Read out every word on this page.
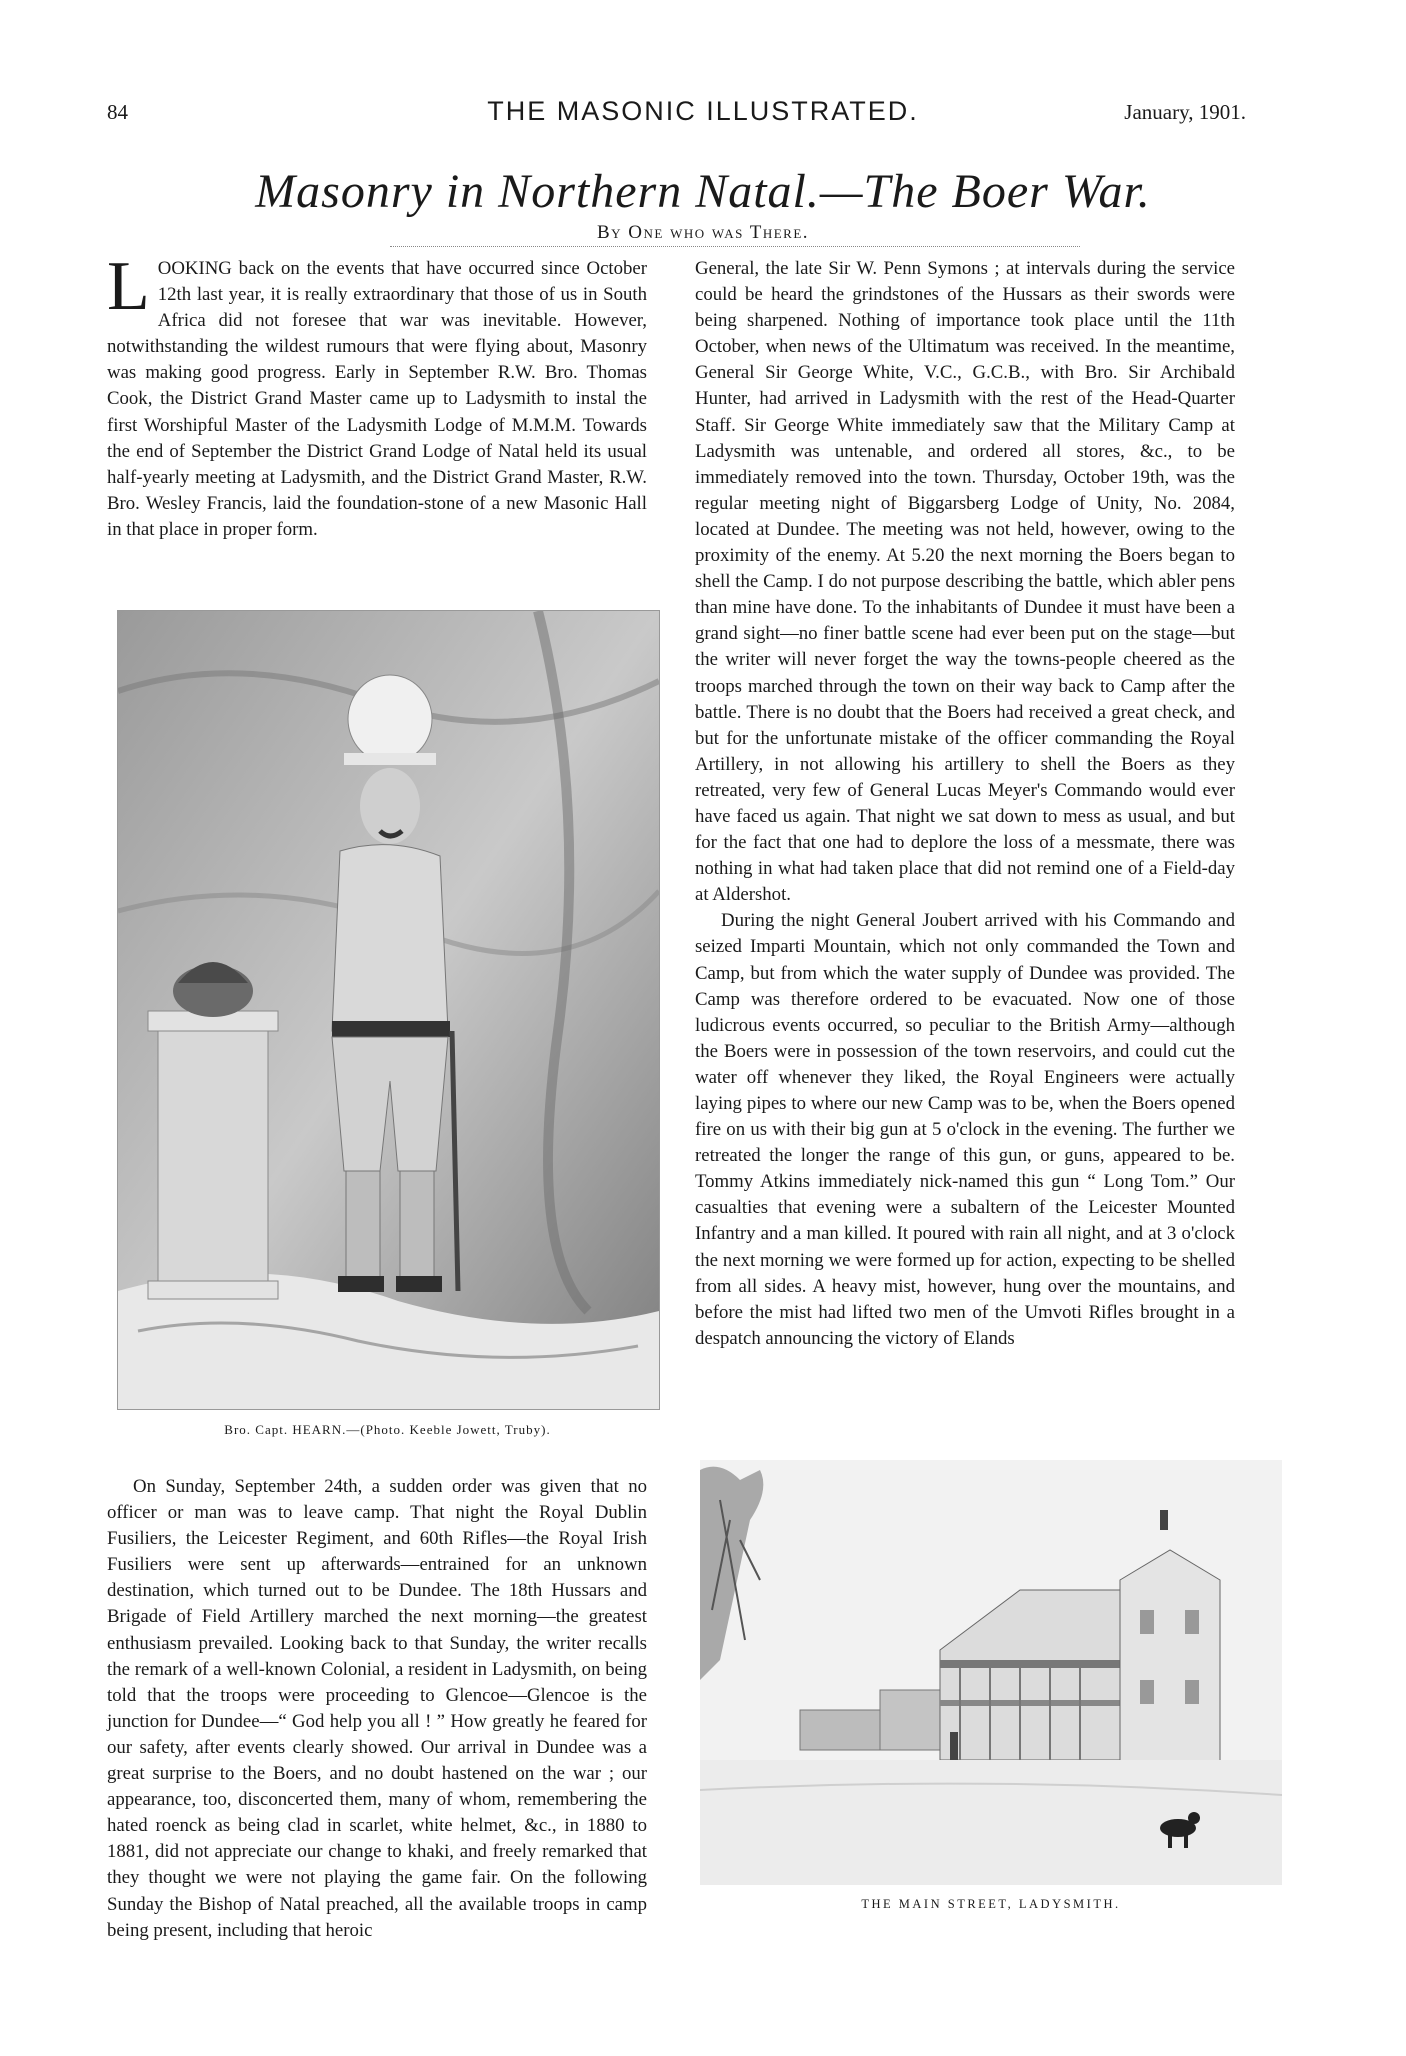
84	THE MASONIC ILLUSTRATED.	January, 1901.
Masonry in Northern Natal.—The Boer War.
By One who was There.
L OOKING back on the events that have occurred since October 12th last year, it is really extraordinary that those of us in South Africa did not foresee that war was inevitable. However, notwithstanding the wildest rumours that were flying about, Masonry was making good progress. Early in September R.W. Bro. Thomas Cook, the District Grand Master came up to Ladysmith to instal the first Worshipful Master of the Ladysmith Lodge of M.M.M. Towards the end of September the District Grand Lodge of Natal held its usual half-yearly meeting at Ladysmith, and the District Grand Master, R.W. Bro. Wesley Francis, laid the foundation-stone of a new Masonic Hall in that place in proper form.

Bro. Capt. HEARN.—(Photo. Keeble Jowett, Truby).

On Sunday, September 24th, a sudden order was given that no officer or man was to leave camp. That night the Royal Dublin Fusiliers, the Leicester Regiment, and 60th Rifles—the Royal Irish Fusiliers were sent up afterwards—entrained for an unknown destination, which turned out to be Dundee. The 18th Hussars and Brigade of Field Artillery marched the next morning—the greatest enthusiasm prevailed. Looking back to that Sunday, the writer recalls the remark of a well-known Colonial, a resident in Ladysmith, on being told that the troops were proceeding to Glencoe—Glencoe is the junction for Dundee—“ God help you all ! ” How greatly he feared for our safety, after events clearly showed. Our arrival in Dundee was a great surprise to the Boers, and no doubt hastened on the war ; our appearance, too, disconcerted them, many of whom, remembering the hated roenck as being clad in scarlet, white helmet, &c., in 1880 to 1881, did not appreciate our change to khaki, and freely remarked that they thought we were not playing the game fair. On the following Sunday the Bishop of Natal preached, all the available troops in camp being present, including that heroic

General, the late Sir W. Penn Symons ; at intervals during the service could be heard the grindstones of the Hussars as their swords were being sharpened. Nothing of importance took place until the 11th October, when news of the Ultimatum was received. In the meantime, General Sir George White, V.C., G.C.B., with Bro. Sir Archibald Hunter, had arrived in Ladysmith with the rest of the Head-Quarter Staff. Sir George White immediately saw that the Military Camp at Ladysmith was untenable, and ordered all stores, &c., to be immediately removed into the town. Thursday, October 19th, was the regular meeting night of Biggarsberg Lodge of Unity, No. 2084, located at Dundee. The meeting was not held, however, owing to the proximity of the enemy. At 5.20 the next morning the Boers began to shell the Camp. I do not purpose describing the battle, which abler pens than mine have done. To the inhabitants of Dundee it must have been a grand sight—no finer battle scene had ever been put on the stage—but the writer will never forget the way the towns-people cheered as the troops marched through the town on their way back to Camp after the battle. There is no doubt that the Boers had received a great check, and but for the unfortunate mistake of the officer commanding the Royal Artillery, in not allowing his artillery to shell the Boers as they retreated, very few of General Lucas Meyer's Commando would ever have faced us again. That night we sat down to mess as usual, and but for the fact that one had to deplore the loss of a messmate, there was nothing in what had taken place that did not remind one of a Field-day at Aldershot.

During the night General Joubert arrived with his Commando and seized Imparti Mountain, which not only commanded the Town and Camp, but from which the water supply of Dundee was provided. The Camp was therefore ordered to be evacuated. Now one of those ludicrous events occurred, so peculiar to the British Army—although the Boers were in possession of the town reservoirs, and could cut the water off whenever they liked, the Royal Engineers were actually laying pipes to where our new Camp was to be, when the Boers opened fire on us with their big gun at 5 o'clock in the evening. The further we retreated the longer the range of this gun, or guns, appeared to be. Tommy Atkins immediately nick-named this gun “ Long Tom.” Our casualties that evening were a subaltern of the Leicester Mounted Infantry and a man killed. It poured with rain all night, and at 3 o'clock the next morning we were formed up for action, expecting to be shelled from all sides. A heavy mist, however, hung over the mountains, and before the mist had lifted two men of the Umvoti Rifles brought in a despatch announcing the victory of Elands

THE MAIN STREET, LADYSMITH.
